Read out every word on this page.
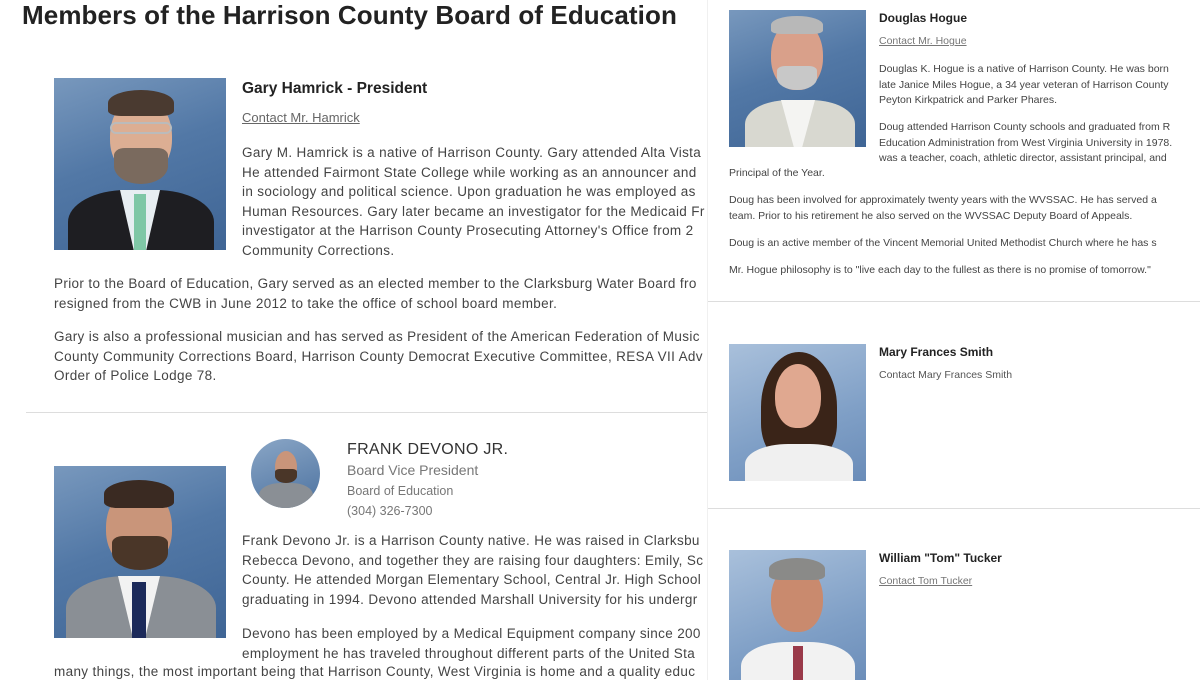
Members of the Harrison County Board of Education
Gary Hamrick - President
Contact Mr. Hamrick
Gary M. Hamrick is a native of Harrison County. Gary attended Alta Vista
He attended Fairmont State College while working as an announcer and
in sociology and political science. Upon graduation he was employed as
Human Resources. Gary later became an investigator for the Medicaid Fr
investigator at the Harrison County Prosecuting Attorney's Office from 2
Community Corrections.
Prior to the Board of Education, Gary served as an elected member to the Clarksburg Water Board fro
resigned from the CWB in June 2012 to take the office of school board member.
Gary is also a professional musician and has served as President of the American Federation of Music
County Community Corrections Board, Harrison County Democrat Executive Committee, RESA VII Adv
Order of Police Lodge 78.
FRANK DEVONO JR.
Board Vice President
Board of Education
(304) 326-7300
Frank Devono Jr. is a Harrison County native. He was raised in Clarksbu
Rebecca Devono, and together they are raising four daughters: Emily, Sc
County. He attended Morgan Elementary School, Central Jr. High School
graduating in 1994. Devono attended Marshall University for his undergr
Devono has been employed by a Medical Equipment company since 200
employment he has traveled throughout different parts of the United Sta
many things, the most important being that Harrison County, West Virginia is home and a quality educ
Douglas Hogue
Contact Mr. Hogue
Douglas K. Hogue is a native of Harrison County. He was born
late Janice Miles Hogue, a 34 year veteran of Harrison County
Peyton Kirkpatrick and Parker Phares.
Doug attended Harrison County schools and graduated from R
Education Administration from West Virginia University in 1978.
was a teacher, coach, athletic director, assistant principal, and
Principal of the Year.
Doug has been involved for approximately twenty years with the WVSSAC. He has served a
team. Prior to his retirement he also served on the WVSSAC Deputy Board of Appeals.
Doug is an active member of the Vincent Memorial United Methodist Church where he has s
Mr. Hogue philosophy is to "live each day to the fullest as there is no promise of tomorrow."
Mary Frances Smith
Contact Mary Frances Smith
William "Tom" Tucker
Contact Tom Tucker
